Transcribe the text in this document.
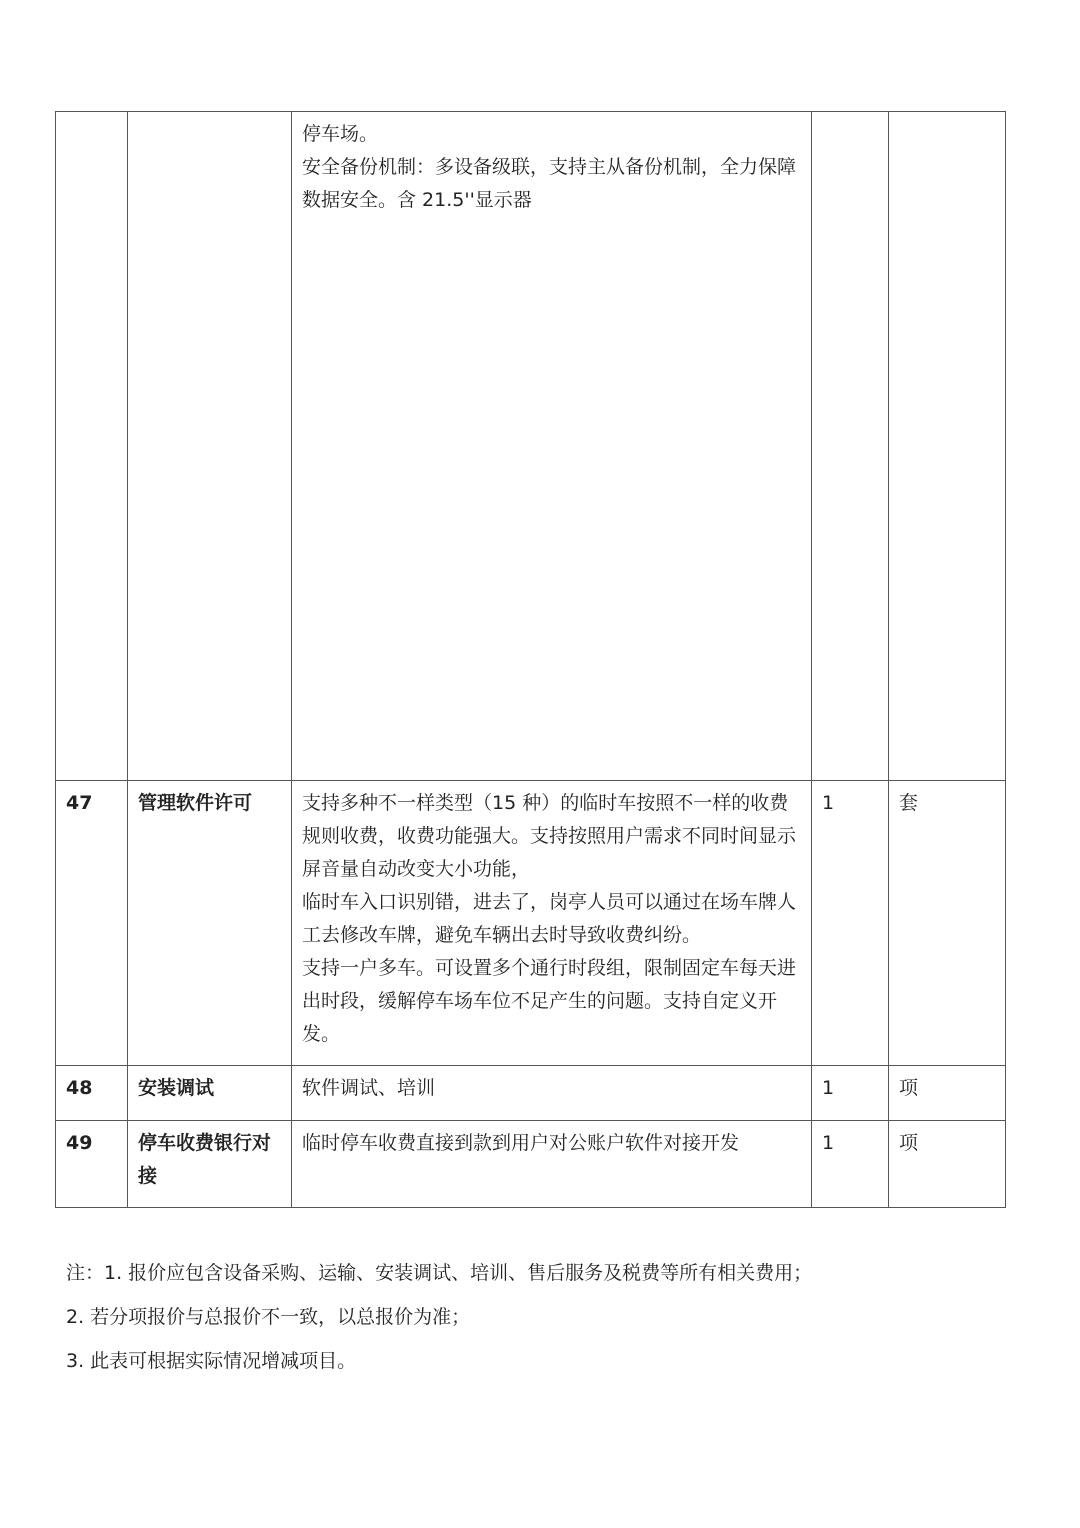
		停车场。

安全备份机制：多设备级联，支持主从备份机制，全力保障数据安全。含 21.5''显示器		

47	管理软件许可	支持多种不一样类型（15 种）的临时车按照不一样的收费规则收费，收费功能强大。支持按照用户需求不同时间显示屏音量自动改变大小功能，

临时车入口识别错，进去了，岗亭人员可以通过在场车牌人工去修改车牌，避免车辆出去时导致收费纠纷。

支持一户多车。可设置多个通行时段组，限制固定车每天进出时段，缓解停车场车位不足产生的问题。支持自定义开发。	1	套
48	安装调试	软件调试、培训	1	项
49	停车收费银行对接	临时停车收费直接到款到用户对公账户软件对接开发	1	项

注：1. 报价应包含设备采购、运输、安装调试、培训、售后服务及税费等所有相关费用；

2. 若分项报价与总报价不一致，以总报价为准；

3. 此表可根据实际情况增减项目。
